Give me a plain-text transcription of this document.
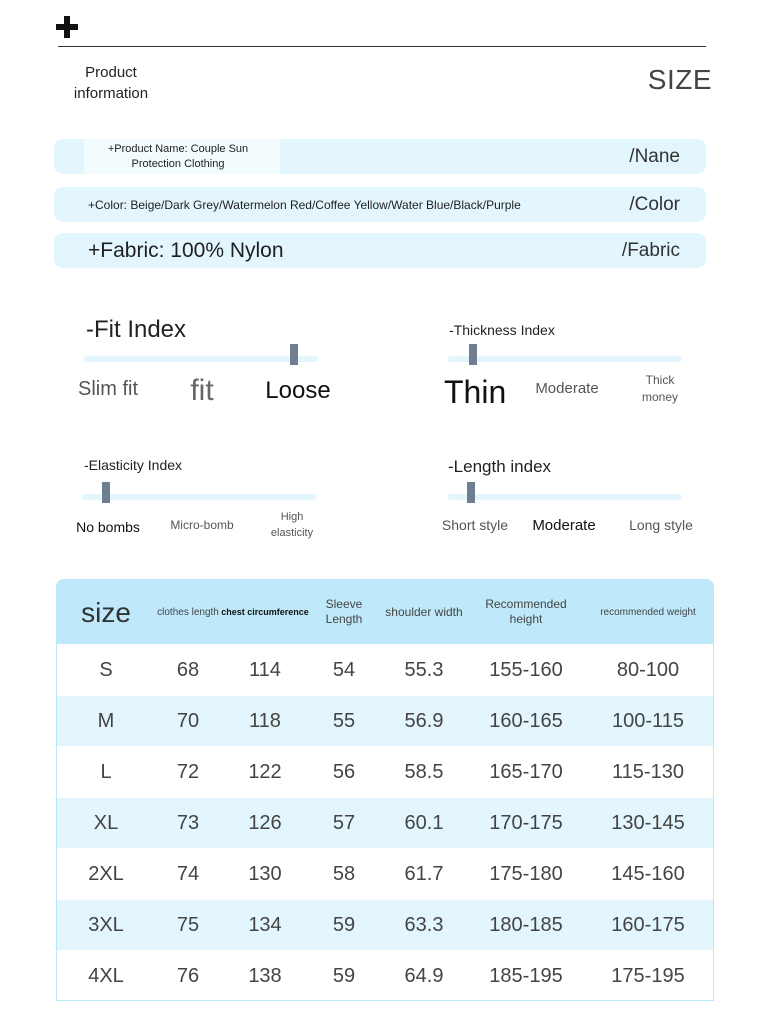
Product information	SIZE
+Product Name: Couple Sun Protection Clothing	/Nane
+Color: Beige/Dark Grey/Watermelon Red/Coffee Yellow/Water Blue/Black/Purple	/Color
+Fabric: 100% Nylon	/Fabric
-Fit Index
Slim fit	fit	Loose
-Thickness Index
Thin Moderate	Thick money
-Elasticity Index
No bombs	Micro-bomb
High elasticity
-Length index
Short style Moderate Long style
size	clothes length	chest circumference	Sleeve Length	shoulder width	Recommended height	recommended weight
S	68	114	54	55.3	155-160	80-100
M	70	118	55	56.9	160-165	100-115
L	72	122	56	58.5	165-170	115-130
XL	73	126	57	60.1	170-175	130-145
2XL	74	130	58	61.7	175-180	145-160
3XL	75	134	59	63.3	180-185	160-175
4XL	76	138	59	64.9	185-195	175-195
